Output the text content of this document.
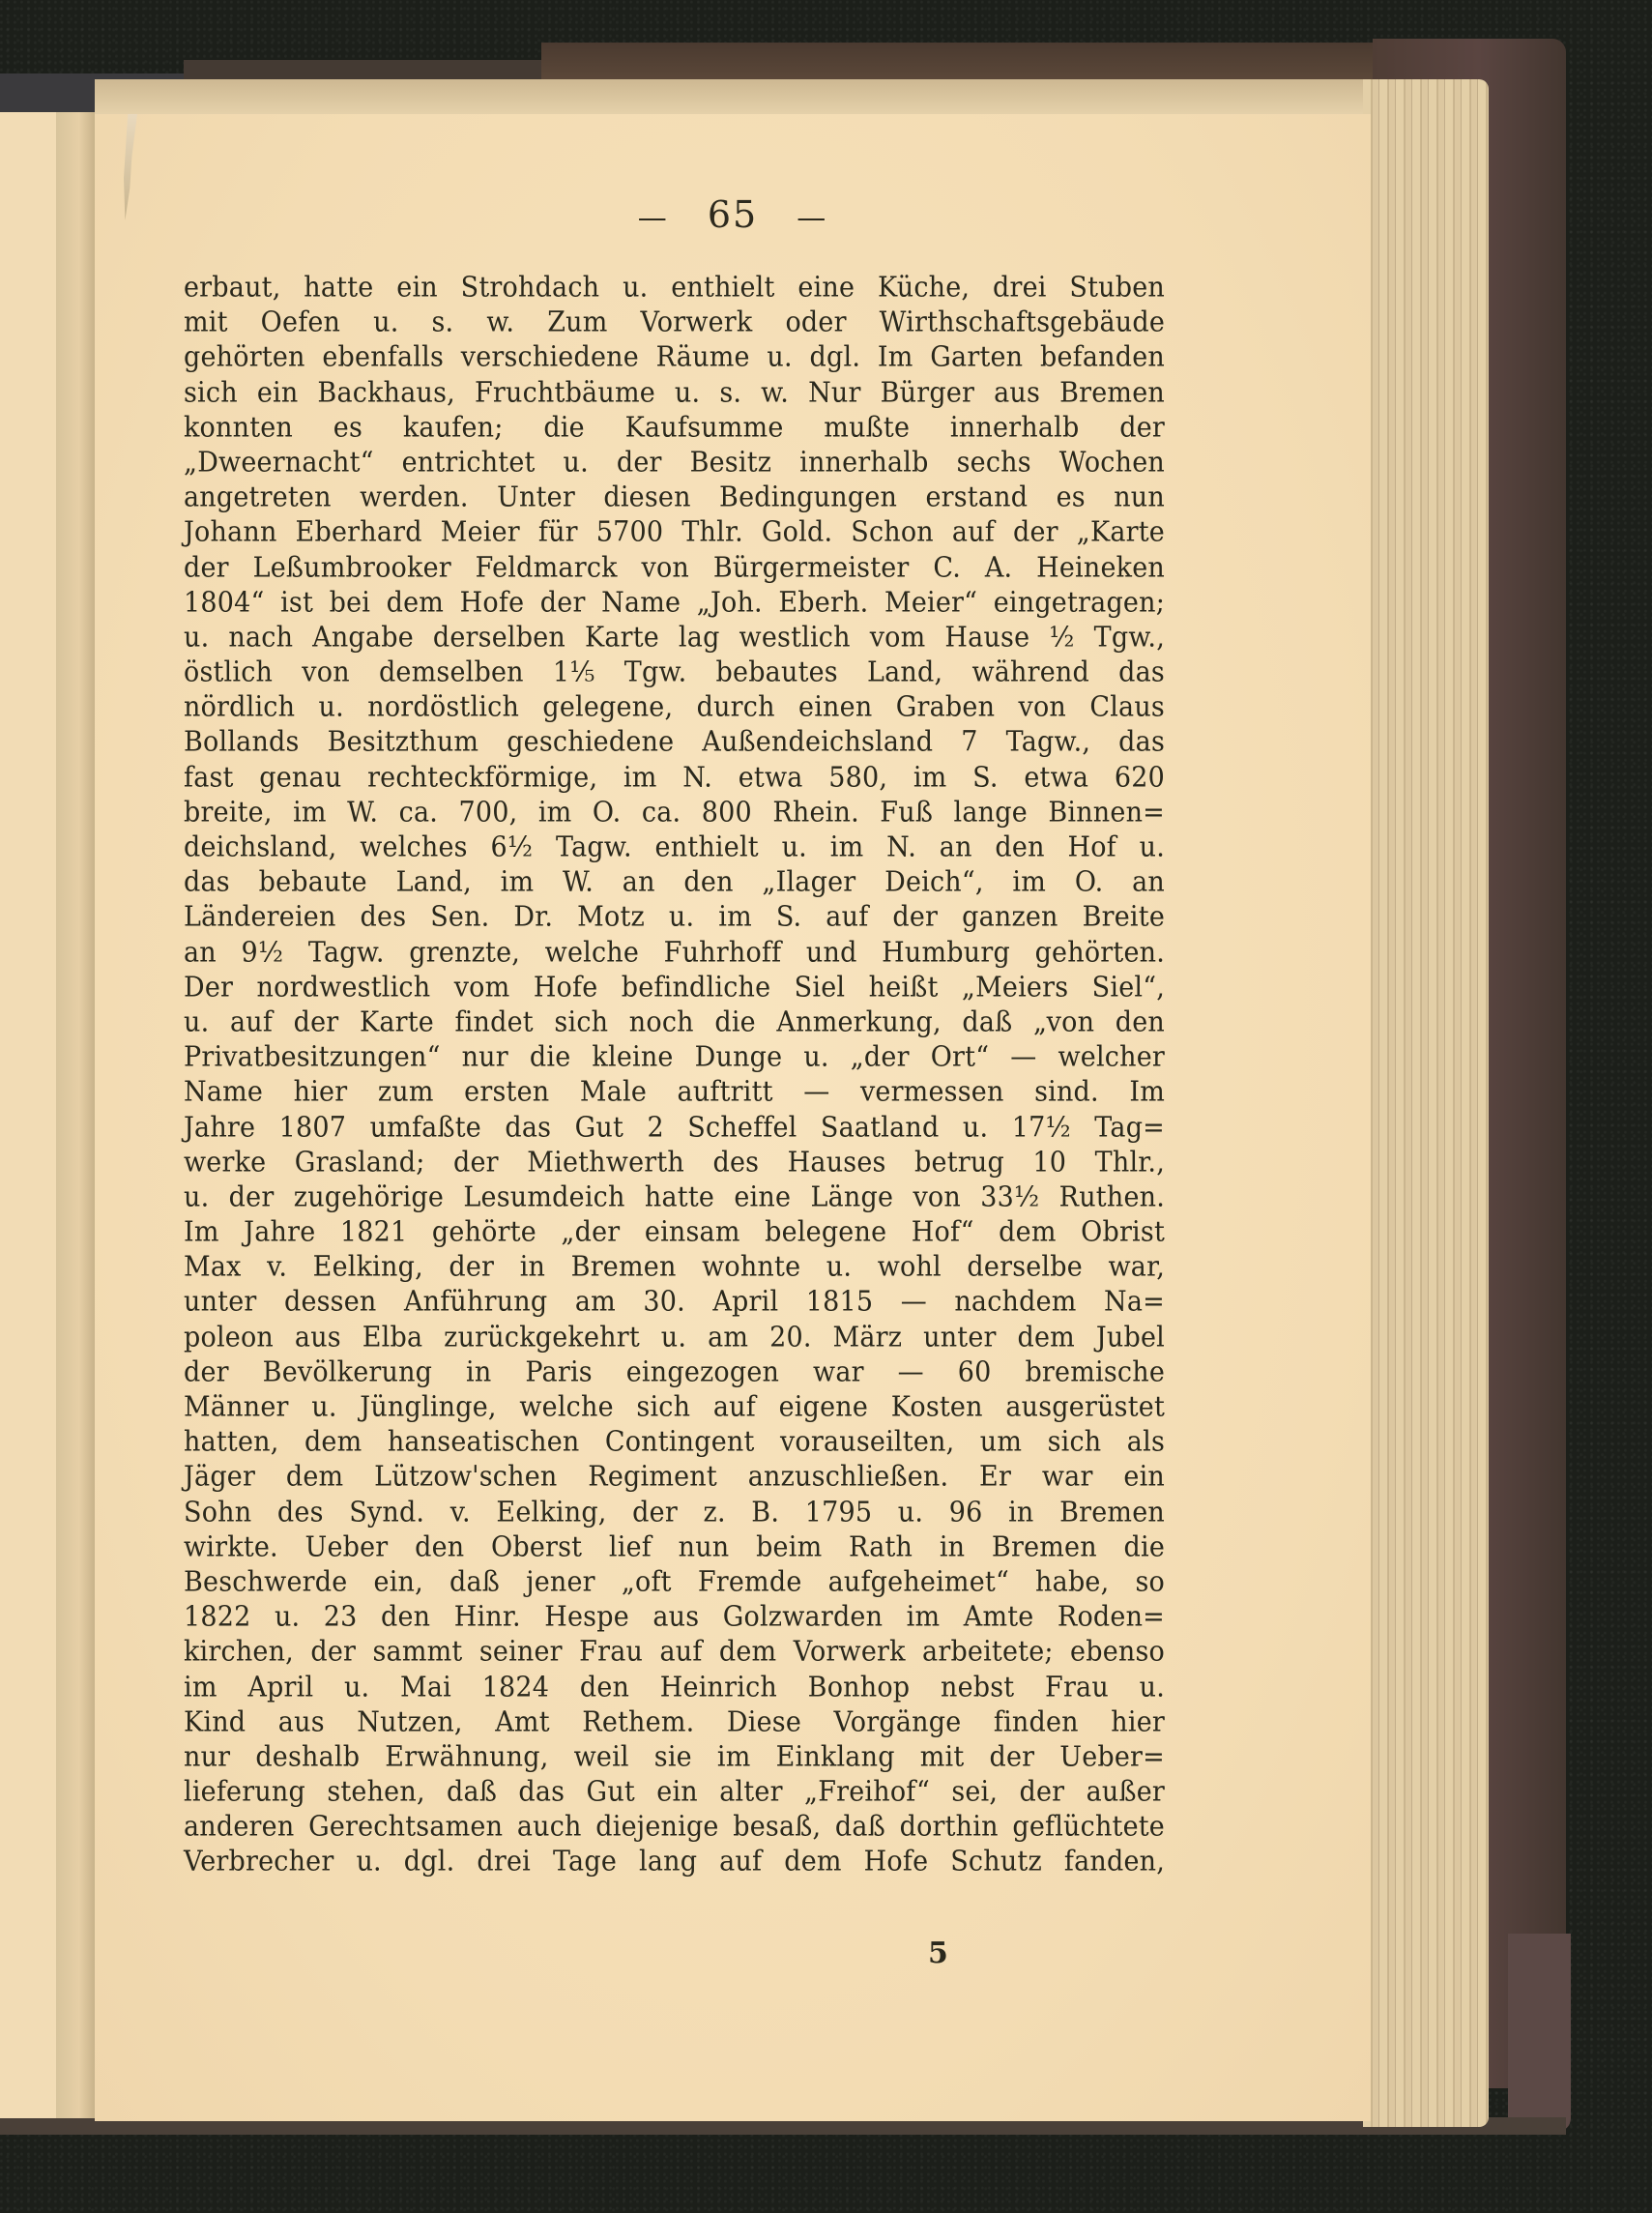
— 65 —
erbaut, hatte ein Strohdach u. enthielt eine Küche, drei Stuben
mit Oefen u. s. w. Zum Vorwerk oder Wirthschaftsgebäude
gehörten ebenfalls verschiedene Räume u. dgl. Im Garten befanden
sich ein Backhaus, Fruchtbäume u. s. w. Nur Bürger aus Bremen
konnten es kaufen; die Kaufsumme mußte innerhalb der
„Dweernacht“ entrichtet u. der Besitz innerhalb sechs Wochen
angetreten werden. Unter diesen Bedingungen erstand es nun
Johann Eberhard Meier für 5700 Thlr. Gold. Schon auf der „Karte
der Leßumbrooker Feldmarck von Bürgermeister C. A. Heineken
1804“ ist bei dem Hofe der Name „Joh. Eberh. Meier“ eingetragen;
u. nach Angabe derselben Karte lag westlich vom Hause ½ Tgw.,
östlich von demselben 1⅕ Tgw. bebautes Land, während das
nördlich u. nordöstlich gelegene, durch einen Graben von Claus
Bollands Besitzthum geschiedene Außendeichsland 7 Tagw., das
fast genau rechteckförmige, im N. etwa 580, im S. etwa 620
breite, im W. ca. 700, im O. ca. 800 Rhein. Fuß lange Binnen=
deichsland, welches 6½ Tagw. enthielt u. im N. an den Hof u.
das bebaute Land, im W. an den „Ilager Deich“, im O. an
Ländereien des Sen. Dr. Motz u. im S. auf der ganzen Breite
an 9½ Tagw. grenzte, welche Fuhrhoff und Humburg gehörten.
Der nordwestlich vom Hofe befindliche Siel heißt „Meiers Siel“,
u. auf der Karte findet sich noch die Anmerkung, daß „von den
Privatbesitzungen“ nur die kleine Dunge u. „der Ort“ — welcher
Name hier zum ersten Male auftritt — vermessen sind. Im
Jahre 1807 umfaßte das Gut 2 Scheffel Saatland u. 17½ Tag=
werke Grasland; der Miethwerth des Hauses betrug 10 Thlr.,
u. der zugehörige Lesumdeich hatte eine Länge von 33½ Ruthen.
Im Jahre 1821 gehörte „der einsam belegene Hof“ dem Obrist
Max v. Eelking, der in Bremen wohnte u. wohl derselbe war,
unter dessen Anführung am 30. April 1815 — nachdem Na=
poleon aus Elba zurückgekehrt u. am 20. März unter dem Jubel
der Bevölkerung in Paris eingezogen war — 60 bremische
Männer u. Jünglinge, welche sich auf eigene Kosten ausgerüstet
hatten, dem hanseatischen Contingent vorauseilten, um sich als
Jäger dem Lützow'schen Regiment anzuschließen. Er war ein
Sohn des Synd. v. Eelking, der z. B. 1795 u. 96 in Bremen
wirkte. Ueber den Oberst lief nun beim Rath in Bremen die
Beschwerde ein, daß jener „oft Fremde aufgeheimet“ habe, so
1822 u. 23 den Hinr. Hespe aus Golzwarden im Amte Roden=
kirchen, der sammt seiner Frau auf dem Vorwerk arbeitete; ebenso
im April u. Mai 1824 den Heinrich Bonhop nebst Frau u.
Kind aus Nutzen, Amt Rethem. Diese Vorgänge finden hier
nur deshalb Erwähnung, weil sie im Einklang mit der Ueber=
lieferung stehen, daß das Gut ein alter „Freihof“ sei, der außer
anderen Gerechtsamen auch diejenige besaß, daß dorthin geflüchtete
Verbrecher u. dgl. drei Tage lang auf dem Hofe Schutz fanden,
5
